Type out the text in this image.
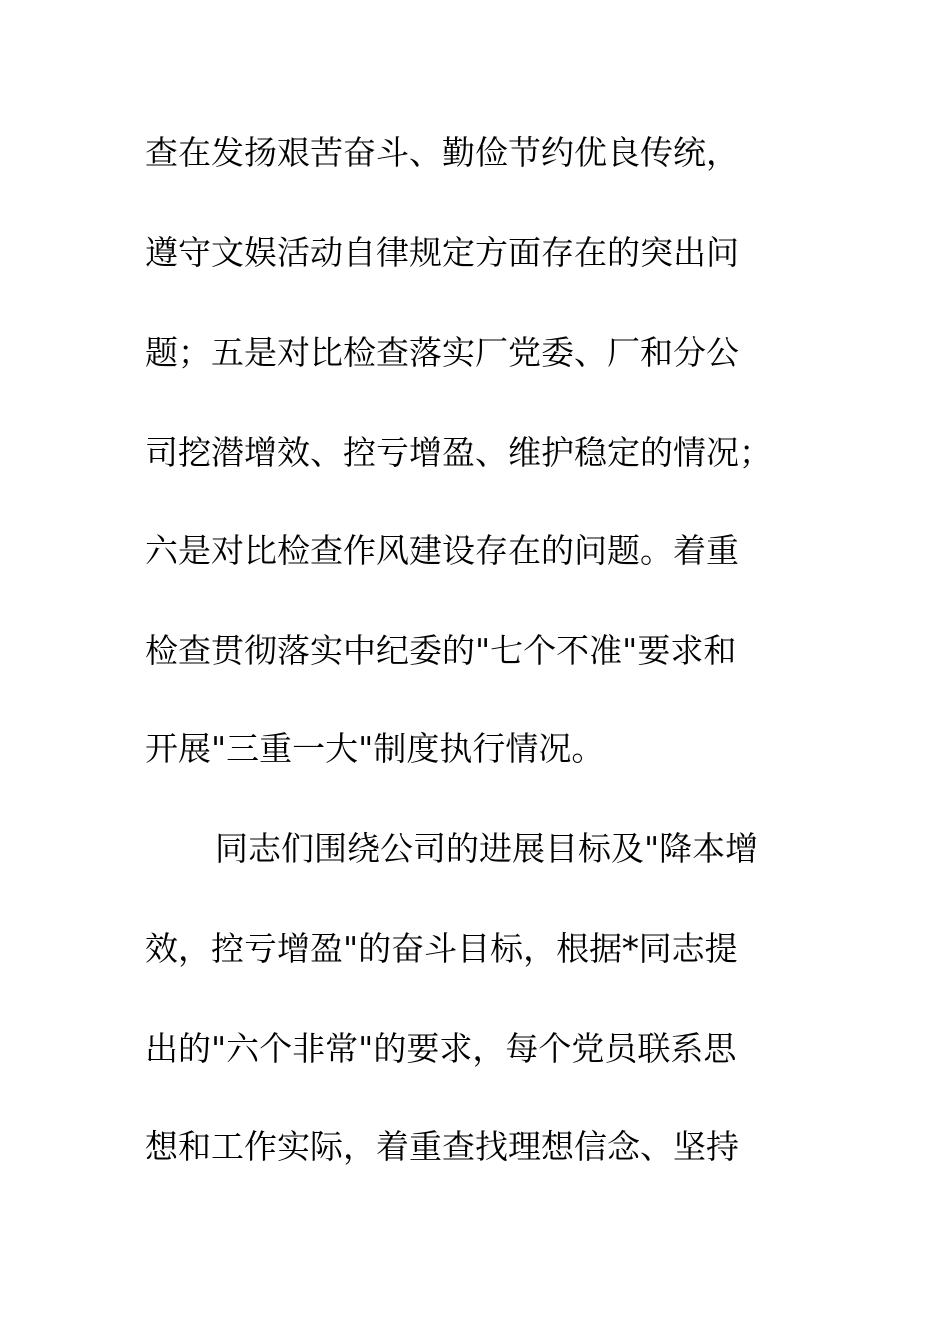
查在发扬艰苦奋斗、勤俭节约优良传统，

遵守文娱活动自律规定方面存在的突出问

题；五是对比检查落实厂党委、厂和分公

司挖潜增效、控亏增盈、维护稳定的情况；

六是对比检查作风建设存在的问题。着重

检查贯彻落实中纪委的"七个不准"要求和

开展"三重一大"制度执行情况。

同志们围绕公司的进展目标及"降本增

效，控亏增盈"的奋斗目标，根据*同志提

出的"六个非常"的要求，每个党员联系思

想和工作实际，着重查找理想信念、坚持
